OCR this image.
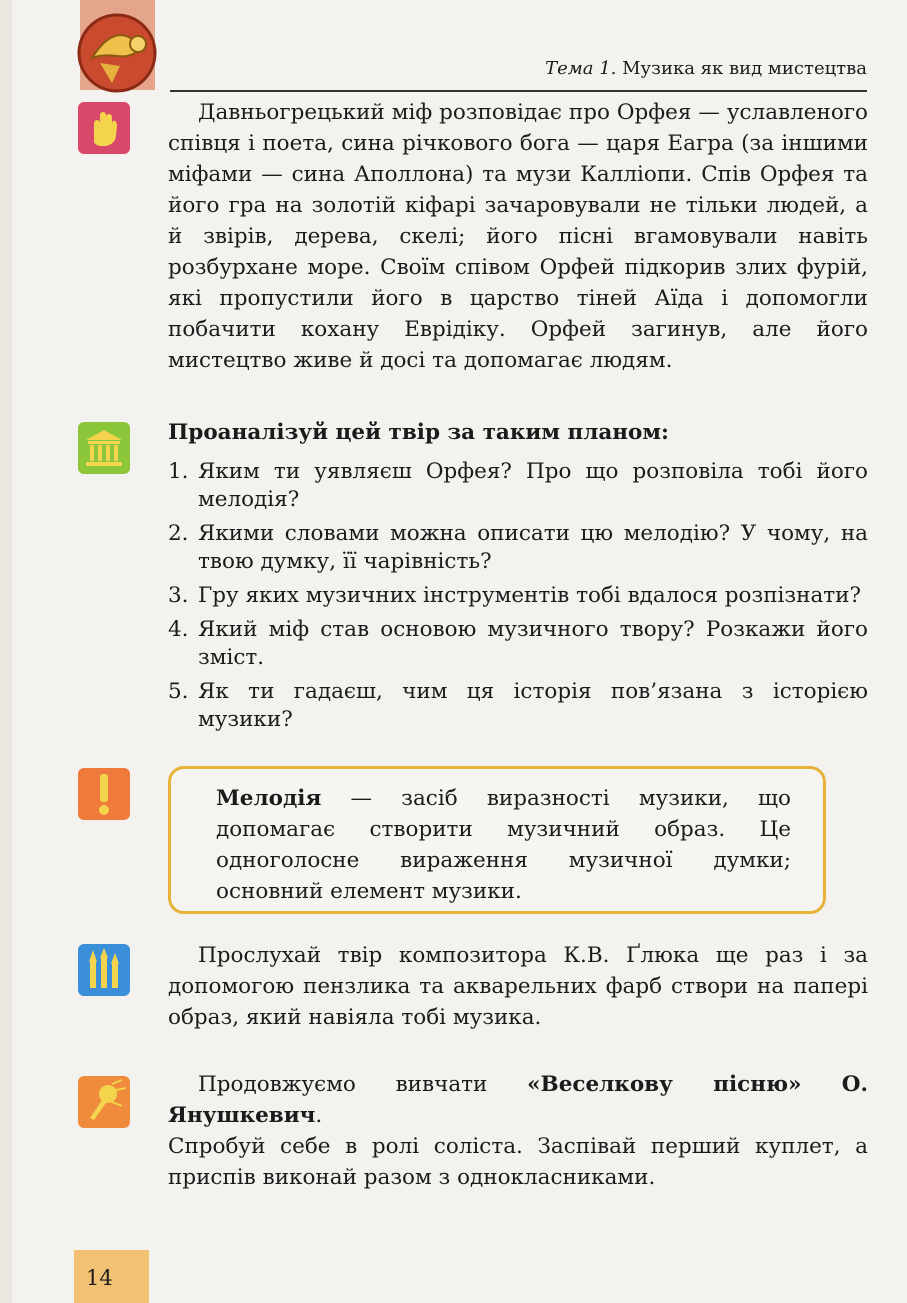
Тема 1. Музика як вид мистецтва

Давньогрецький міф розповідає про Орфея — уславленого співця і поета, сина річкового бога — царя Еагра (за іншими міфами — сина Аполлона) та музи Калліопи. Спів Орфея та його гра на золотій кіфарі зачаровували не тільки людей, а й звірів, дерева, скелі; його пісні вгамовували навіть розбурхане море. Своїм співом Орфей підкорив злих фурій, які пропустили його в царство тіней Аїда і допомогли побачити кохану Еврідіку. Орфей загинув, але його мистецтво живе й досі та допомагає людям.

Проаналізуй цей твір за таким планом:
1. Яким ти уявляєш Орфея? Про що розповіла тобі його мелодія?
2. Якими словами можна описати цю мелодію? У чому, на твою думку, її чарівність?
3. Гру яких музичних інструментів тобі вдалося розпізнати?
4. Який міф став основою музичного твору? Розкажи його зміст.
5. Як ти гадаєш, чим ця історія пов’язана з історією музики?
Мелодія — засіб виразності музики, що допомагає створити музичний образ. Це одноголосне вираження музичної думки; основний елемент музики.

Прослухай твір композитора К.В. Ґлюка ще раз і за допомогою пензлика та акварельних фарб створи на папері образ, який навіяла тобі музика.

Продовжуємо вивчати «Веселкову пісню» О. Янушкевич.
Спробуй себе в ролі соліста. Заспівай перший куплет, а приспів виконай разом з однокласниками.

14
